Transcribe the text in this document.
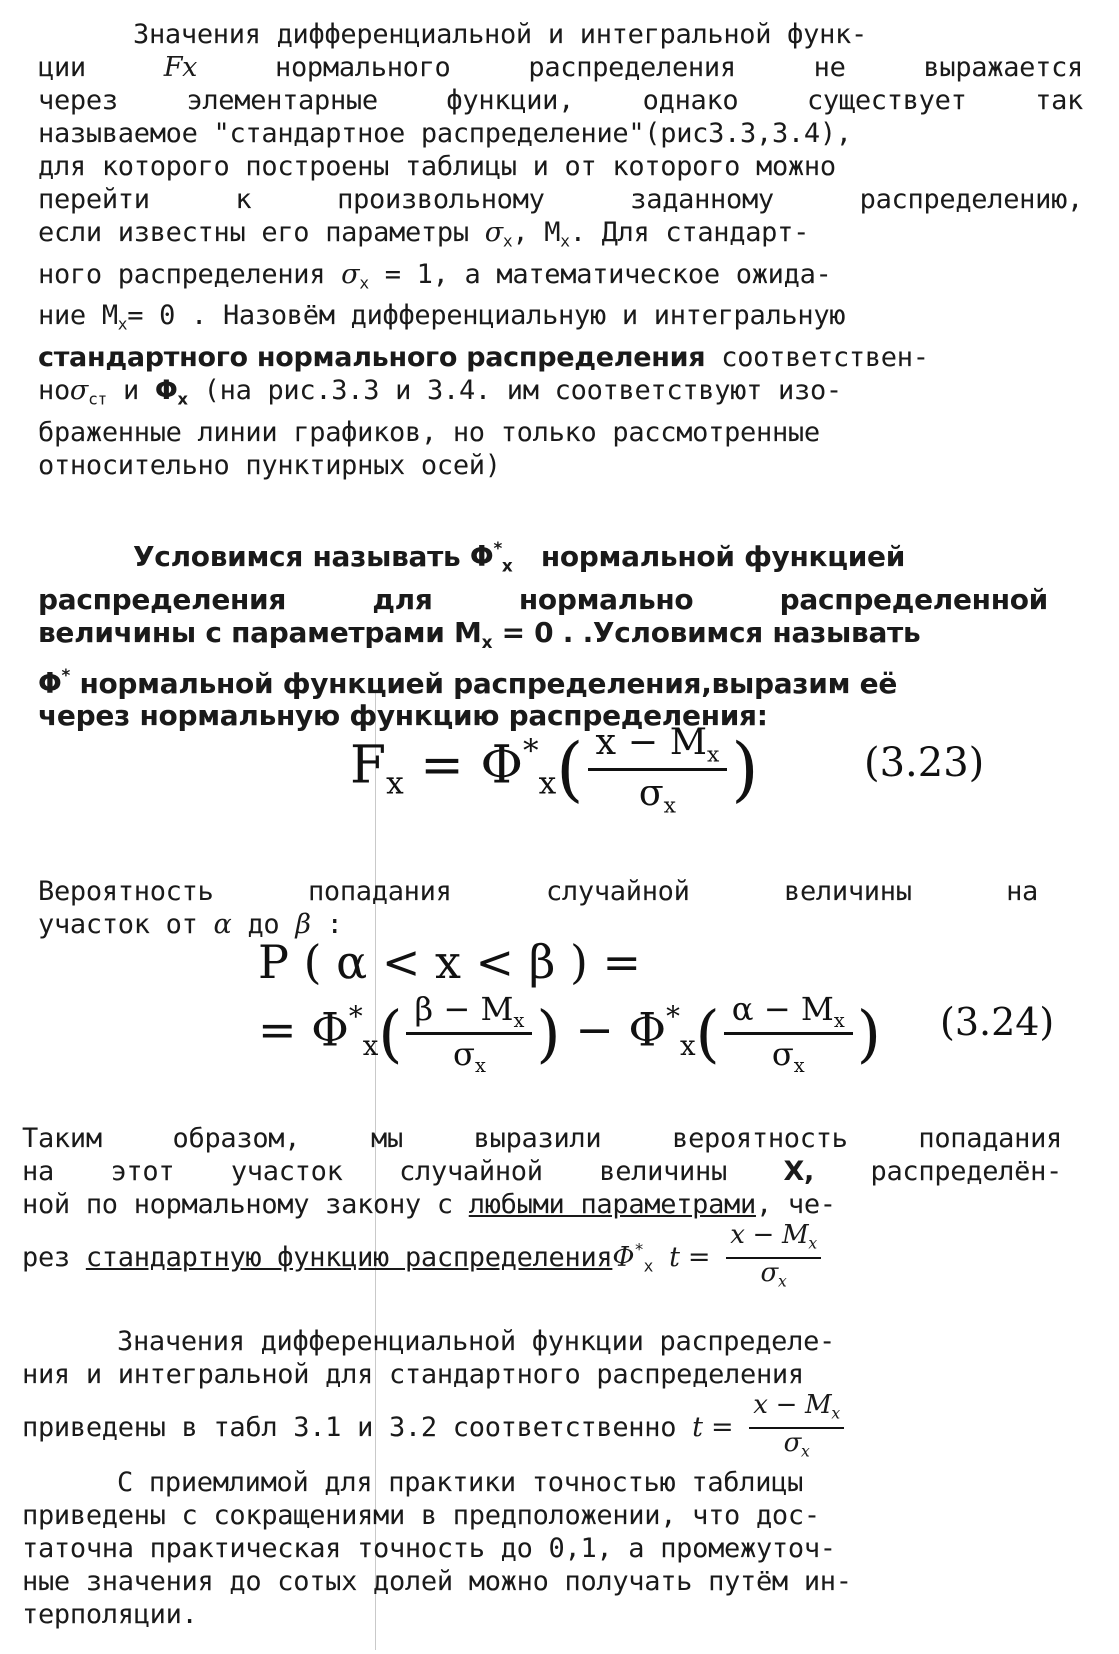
Значения дифференциальной и интегральной функ-
ции	Fx	нормального распределения не выражается
через элементарные функции, однако существует так
называемое "стандартное распределение"(рис3.3,3.4),
для которого построены таблицы и от которого можно
перейти к произвольному заданному распределению,
если известны его параметры $\sigma_x$, $M_x$. Для стандарт-
ного распределения $\sigma_x = 1$, а математическое ожида-
ние $M_x= 0$ . Назовём дифференциальную и интегральную
стандартного нормального распределения соответствен-
ноσ$_{ст}$ и $\Phi_x$ (на рис.3.3 и 3.4. им соответствуют изо-
браженные линии графиков, но только рассмотренные
относительно пунктирных осей)
Условимся называть $\Phi^*_x$ нормальной функцией
распределения для нормально распределенной
величины с параметрами $M_x = 0$ . .Условимся называть
Φ* нормальной функцией распределения,выразим её
через нормальную функцию распределения:
$F_x = \Phi^*_x( \frac{x - M_x}{\sigma_x}$ )	(3.23)
Вероятность попадания случайной величины на
участок от α до β :
P ( α < x < β ) =
= $\Phi^*_x( \frac{\beta - M_x}{\sigma_x}$ ) − $\Phi^*_x( \frac{\alpha - M_x}{\sigma_x}$ ) (3.24)
Таким образом, мы выразили вероятность попадания
на этот участок случайной величины X, распределён-
ной по нормальному закону с любыми параметрами, че-
рез стандартную функцию распределенияΦ*$_x$ $t = \frac{x - M_x}{\sigma_x}$
Значения дифференциальной функции распределе-
ния и интегральной для стандартного распределения
приведены в табл 3.1 и 3.2 соответственно $t = \frac{x - M_x}{\sigma_x}$
С приемлимой для практики точностью таблицы
приведены с сокращениями в предположении, что дос-
таточна практическая точность до 0,1, а промежуточ-
ные значения до сотых долей можно получать путём ин-
терполяции.
